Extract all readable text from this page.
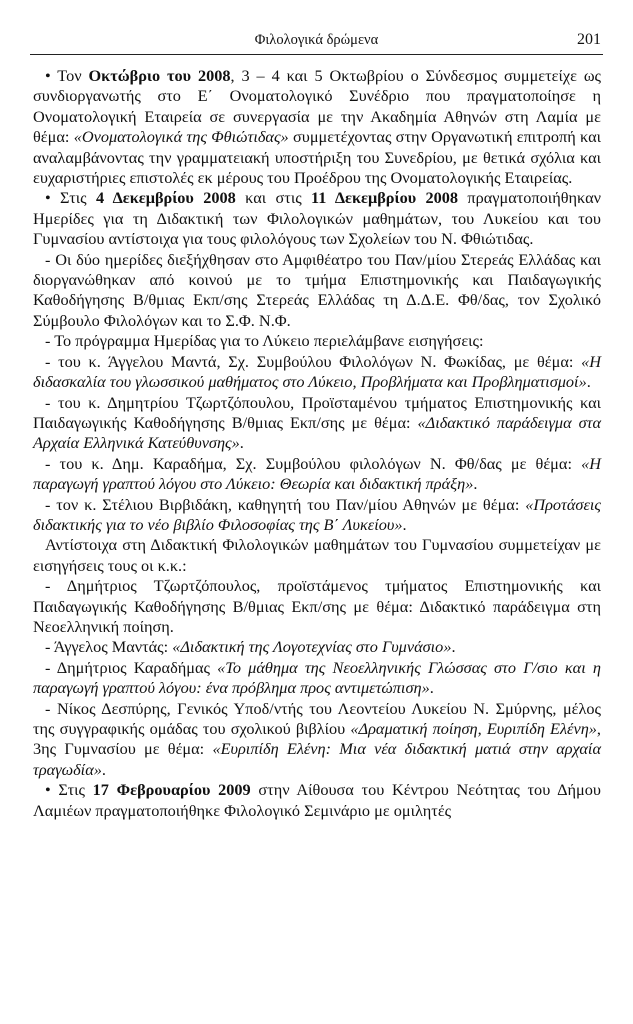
Φιλολογικά δρώμενα	201

• Τον Οκτώβριο του 2008, 3 – 4 και 5 Οκτωβρίου ο Σύνδεσμος συμμετείχε ως συνδιοργανωτής στο Ε΄ Ονοματολογικό Συνέδριο που πραγματοποίησε η Ονοματολογική Εταιρεία σε συνεργασία με την Ακαδημία Αθηνών στη Λαμία με θέμα: «Ονοματολογικά της Φθιώτιδας» συμμετέχοντας στην Οργανωτική επιτροπή και αναλαμβάνοντας την γραμματειακή υποστήριξη του Συνεδρίου, με θετικά σχόλια και ευχαριστήριες επιστολές εκ μέρους του Προέδρου της Ονοματολογικής Εταιρείας.

• Στις 4 Δεκεμβρίου 2008 και στις 11 Δεκεμβρίου 2008 πραγματοποιήθηκαν Ημερίδες για τη Διδακτική των Φιλολογικών μαθημάτων, του Λυκείου και του Γυμνασίου αντίστοιχα για τους φιλολόγους των Σχολείων του Ν. Φθιώτιδας.

- Οι δύο ημερίδες διεξήχθησαν στο Αμφιθέατρο του Παν/μίου Στερεάς Ελλάδας και διοργανώθηκαν από κοινού με το τμήμα Επιστημονικής και Παιδαγωγικής Καθοδήγησης Β/θμιας Εκπ/σης Στερεάς Ελλάδας τη Δ.Δ.Ε. Φθ/δας, τον Σχολικό Σύμβουλο Φιλολόγων και το Σ.Φ. Ν.Φ.

- Το πρόγραμμα Ημερίδας για το Λύκειο περιελάμβανε εισηγήσεις:

- του κ. Άγγελου Μαντά, Σχ. Συμβούλου Φιλολόγων Ν. Φωκίδας, με θέμα: «Η διδασκαλία του γλωσσικού μαθήματος στο Λύκειο, Προβλήματα και Προβληματισμοί».

- του κ. Δημητρίου Τζωρτζόπουλου, Προϊσταμένου τμήματος Επιστημονικής και Παιδαγωγικής Καθοδήγησης Β/θμιας Εκπ/σης με θέμα: «Διδακτικό παράδειγμα στα Αρχαία Ελληνικά Κατεύθυνσης».

- του κ. Δημ. Καραδήμα, Σχ. Συμβούλου φιλολόγων Ν. Φθ/δας με θέμα: «Η παραγωγή γραπτού λόγου στο Λύκειο: Θεωρία και διδακτική πράξη».

- τον κ. Στέλιου Βιρβιδάκη, καθηγητή του Παν/μίου Αθηνών με θέμα: «Προτάσεις διδακτικής για το νέο βιβλίο Φιλοσοφίας της Β΄ Λυκείου».

Αντίστοιχα στη Διδακτική Φιλολογικών μαθημάτων του Γυμνασίου συμμετείχαν με εισηγήσεις τους οι κ.κ.:

- Δημήτριος Τζωρτζόπουλος, προϊστάμενος τμήματος Επιστημονικής και Παιδαγωγικής Καθοδήγησης Β/θμιας Εκπ/σης με θέμα: Διδακτικό παράδειγμα στη Νεοελληνική ποίηση.

- Άγγελος Μαντάς: «Διδακτική της Λογοτεχνίας στο Γυμνάσιο».

- Δημήτριος Καραδήμας «Το μάθημα της Νεοελληνικής Γλώσσας στο Γ/σιο και η παραγωγή γραπτού λόγου: ένα πρόβλημα προς αντιμετώπιση».

- Νίκος Δεσπύρης, Γενικός Υποδ/ντής του Λεοντείου Λυκείου Ν. Σμύρνης, μέλος της συγγραφικής ομάδας του σχολικού βιβλίου «Δραματική ποίηση, Ευριπίδη Ελένη», 3ης Γυμνασίου με θέμα: «Ευριπίδη Ελένη: Μια νέα διδακτική ματιά στην αρχαία τραγωδία».

• Στις 17 Φεβρουαρίου 2009 στην Αίθουσα του Κέντρου Νεότητας του Δήμου Λαμιέων πραγματοποιήθηκε Φιλολογικό Σεμινάριο με ομιλητές
